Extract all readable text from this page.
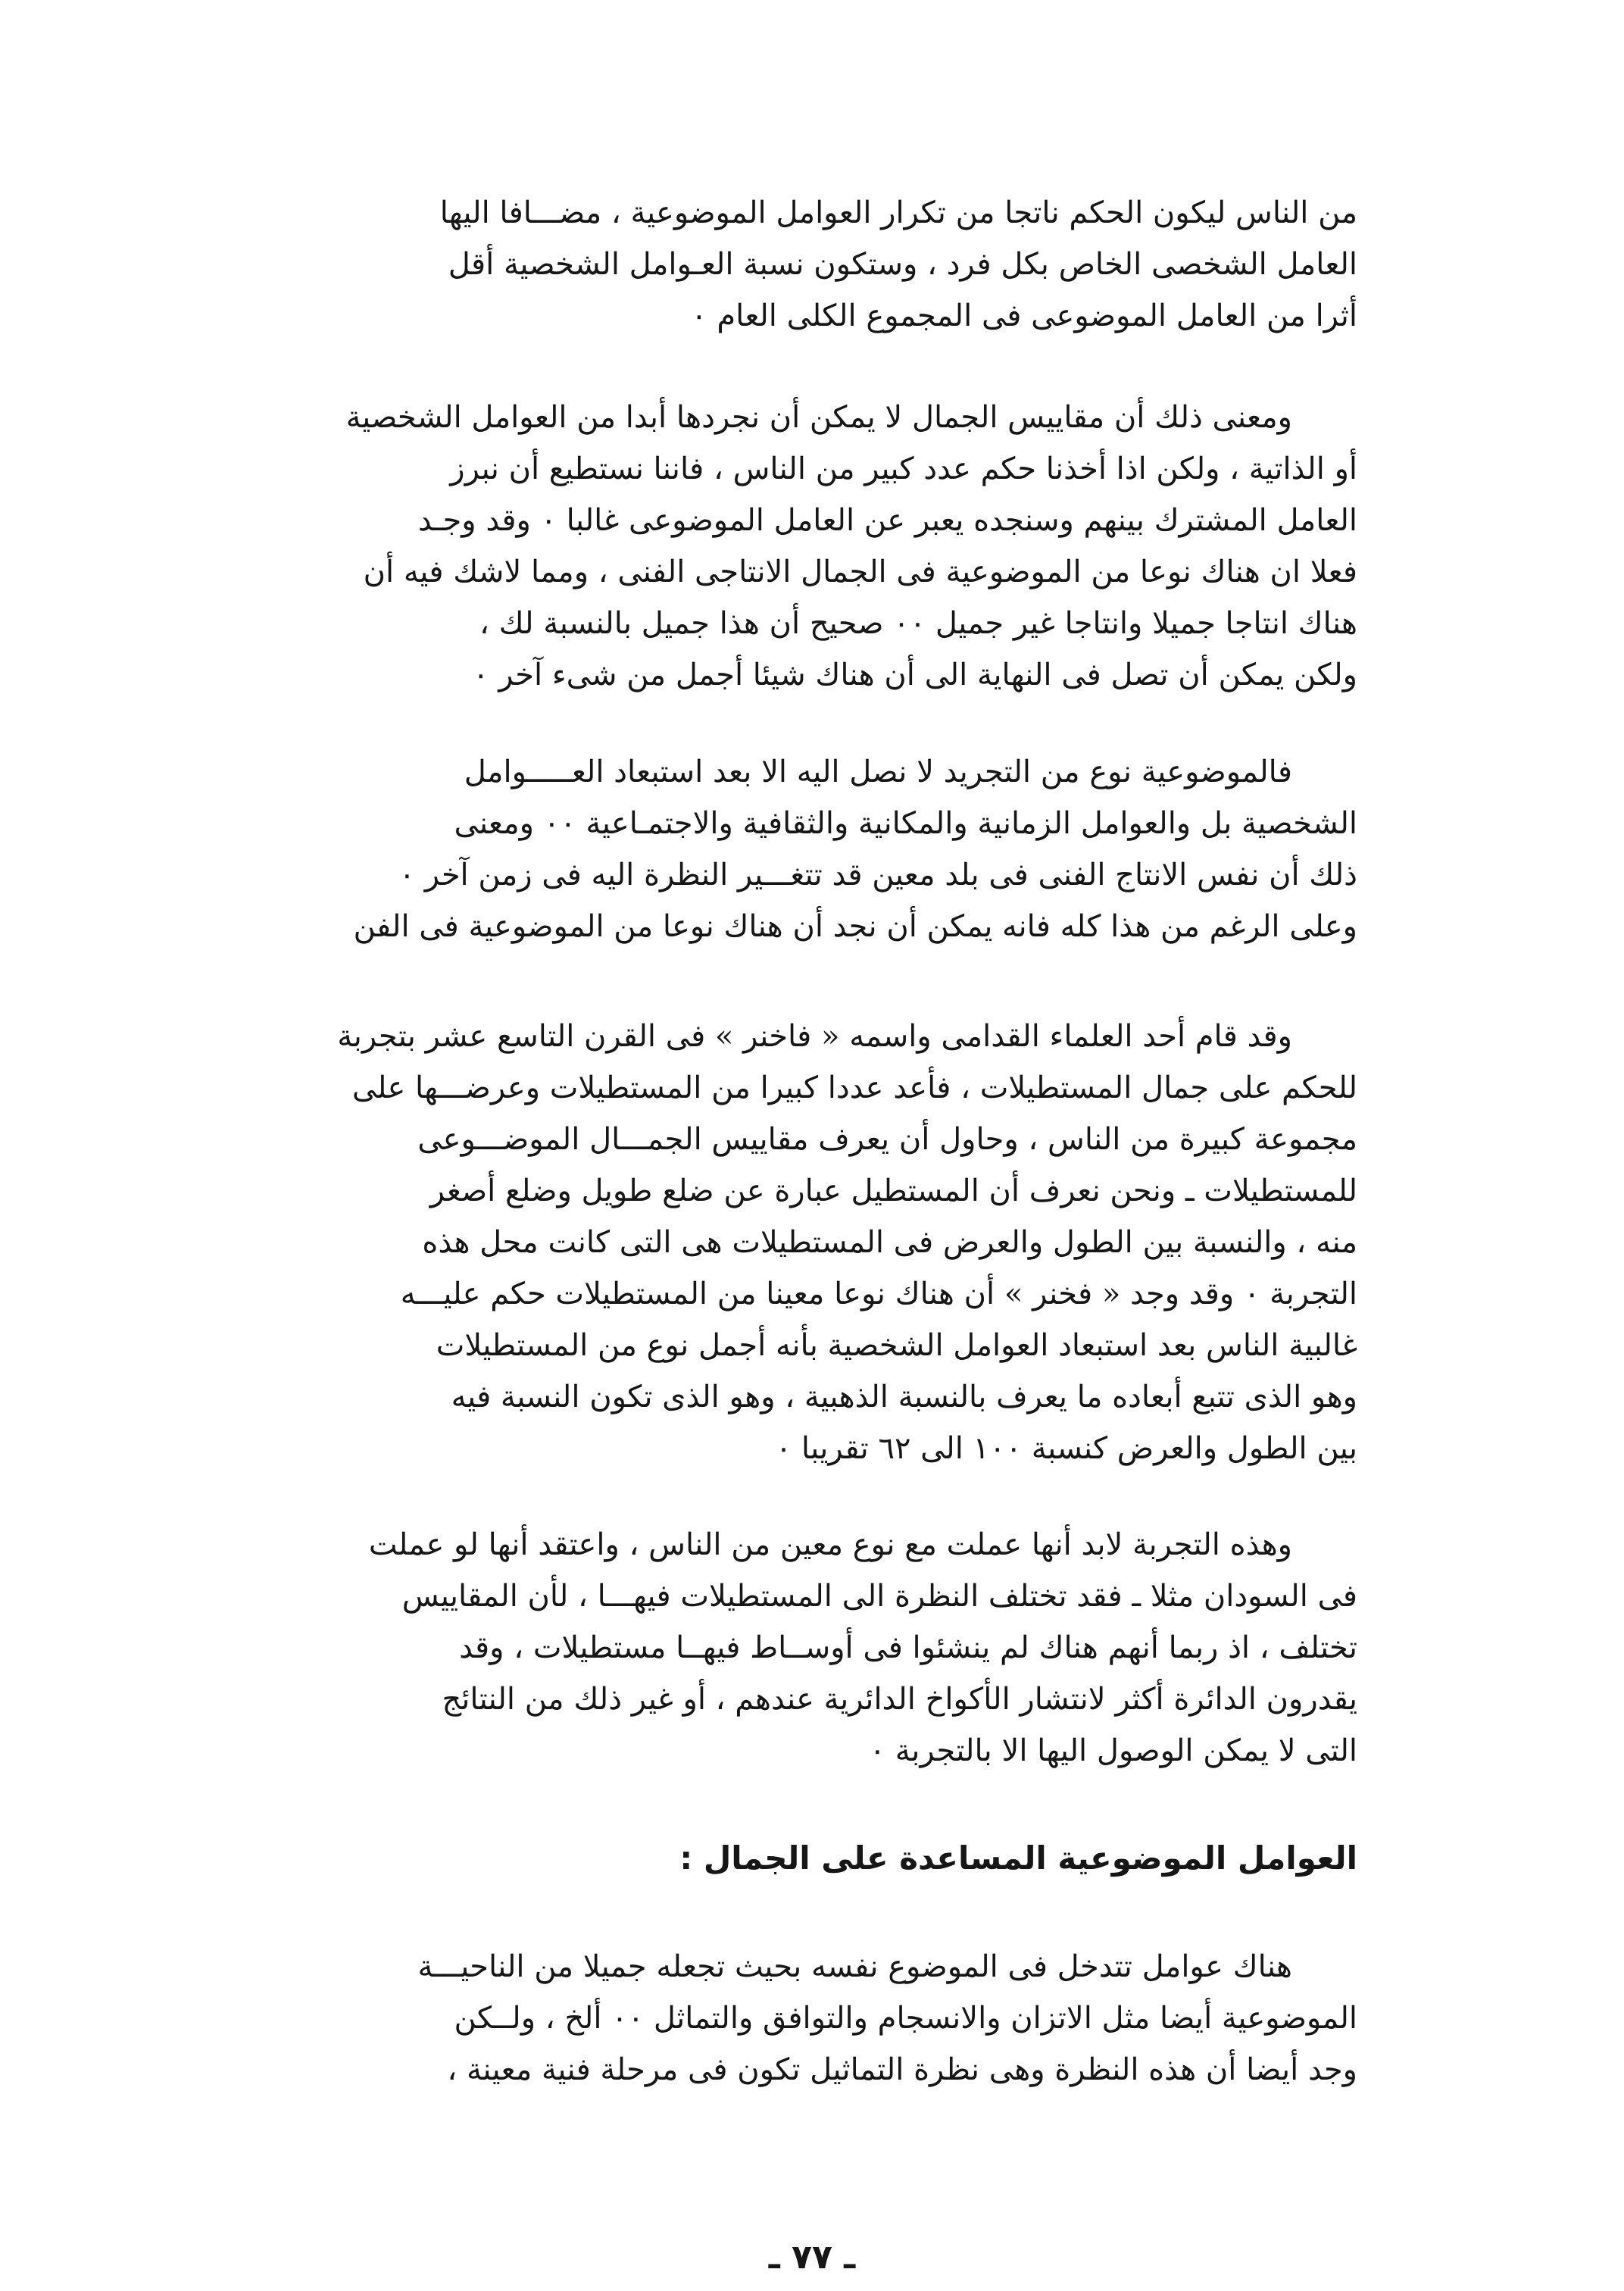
من الناس ليكون الحكم ناتجا من تكرار العوامل الموضوعية ، مضـــافا اليها
العامل الشخصى الخاص بكل فرد ، وستكون نسبة العـوامل الشخصية أقل
أثرا من العامل الموضوعى فى المجموع الكلى العام ٠
ومعنى ذلك أن مقاييس الجمال لا يمكن أن نجردها أبدا من العوامل الشخصية
أو الذاتية ، ولكن اذا أخذنا حكم عدد كبير من الناس ، فاننا نستطيع أن نبرز
العامل المشترك بينهم وسنجده يعبر عن العامل الموضوعى غالبا ٠ وقد وجـد
فعلا ان هناك نوعا من الموضوعية فى الجمال الانتاجى الفنى ، ومما لاشك فيه أن
هناك انتاجا جميلا وانتاجا غير جميل ٠٠ صحيح أن هذا جميل بالنسبة لك ،
ولكن يمكن أن تصل فى النهاية الى أن هناك شيئا أجمل من شىء آخر ٠
فالموضوعية نوع من التجريد لا نصل اليه الا بعد استبعاد العـــــوامل
الشخصية بل والعوامل الزمانية والمكانية والثقافية والاجتمـاعية ٠٠ ومعنى
ذلك أن نفس الانتاج الفنى فى بلد معين قد تتغـــير النظرة اليه فى زمن آخر ٠
وعلى الرغم من هذا كله فانه يمكن أن نجد أن هناك نوعا من الموضوعية فى الفن
وقد قام أحد العلماء القدامى واسمه « فاخنر » فى القرن التاسع عشر بتجربة
للحكم على جمال المستطيلات ، فأعد عددا كبيرا من المستطيلات وعرضـــها على
مجموعة كبيرة من الناس ، وحاول أن يعرف مقاييس الجمـــال الموضـــوعى
للمستطيلات ـ ونحن نعرف أن المستطيل عبارة عن ضلع طويل وضلع أصغر
منه ، والنسبة بين الطول والعرض فى المستطيلات هى التى كانت محل هذه
التجربة ٠ وقد وجد « فخنر » أن هناك نوعا معينا من المستطيلات حكم عليـــه
غالبية الناس بعد استبعاد العوامل الشخصية بأنه أجمل نوع من المستطيلات
وهو الذى تتبع أبعاده ما يعرف بالنسبة الذهبية ، وهو الذى تكون النسبة فيه
بين الطول والعرض كنسبة ١٠٠ الى ٦٢ تقريبا ٠
وهذه التجربة لابد أنها عملت مع نوع معين من الناس ، واعتقد أنها لو عملت
فى السودان مثلا ـ فقد تختلف النظرة الى المستطيلات فيهـــا ، لأن المقاييس
تختلف ، اذ ربما أنهم هناك لم ينشئوا فى أوســاط فيهــا مستطيلات ، وقد
يقدرون الدائرة أكثر لانتشار الأكواخ الدائرية عندهم ، أو غير ذلك من النتائج
التى لا يمكن الوصول اليها الا بالتجربة ٠
العوامل الموضوعية المساعدة على الجمال :
هناك عوامل تتدخل فى الموضوع نفسه بحيث تجعله جميلا من الناحيـــة
الموضوعية أيضا مثل الاتزان والانسجام والتوافق والتماثل ٠٠ ألخ ، ولــكن
وجد أيضا أن هذه النظرة وهى نظرة التماثيل تكون فى مرحلة فنية معينة ،
ـ ٧٧ ـ
